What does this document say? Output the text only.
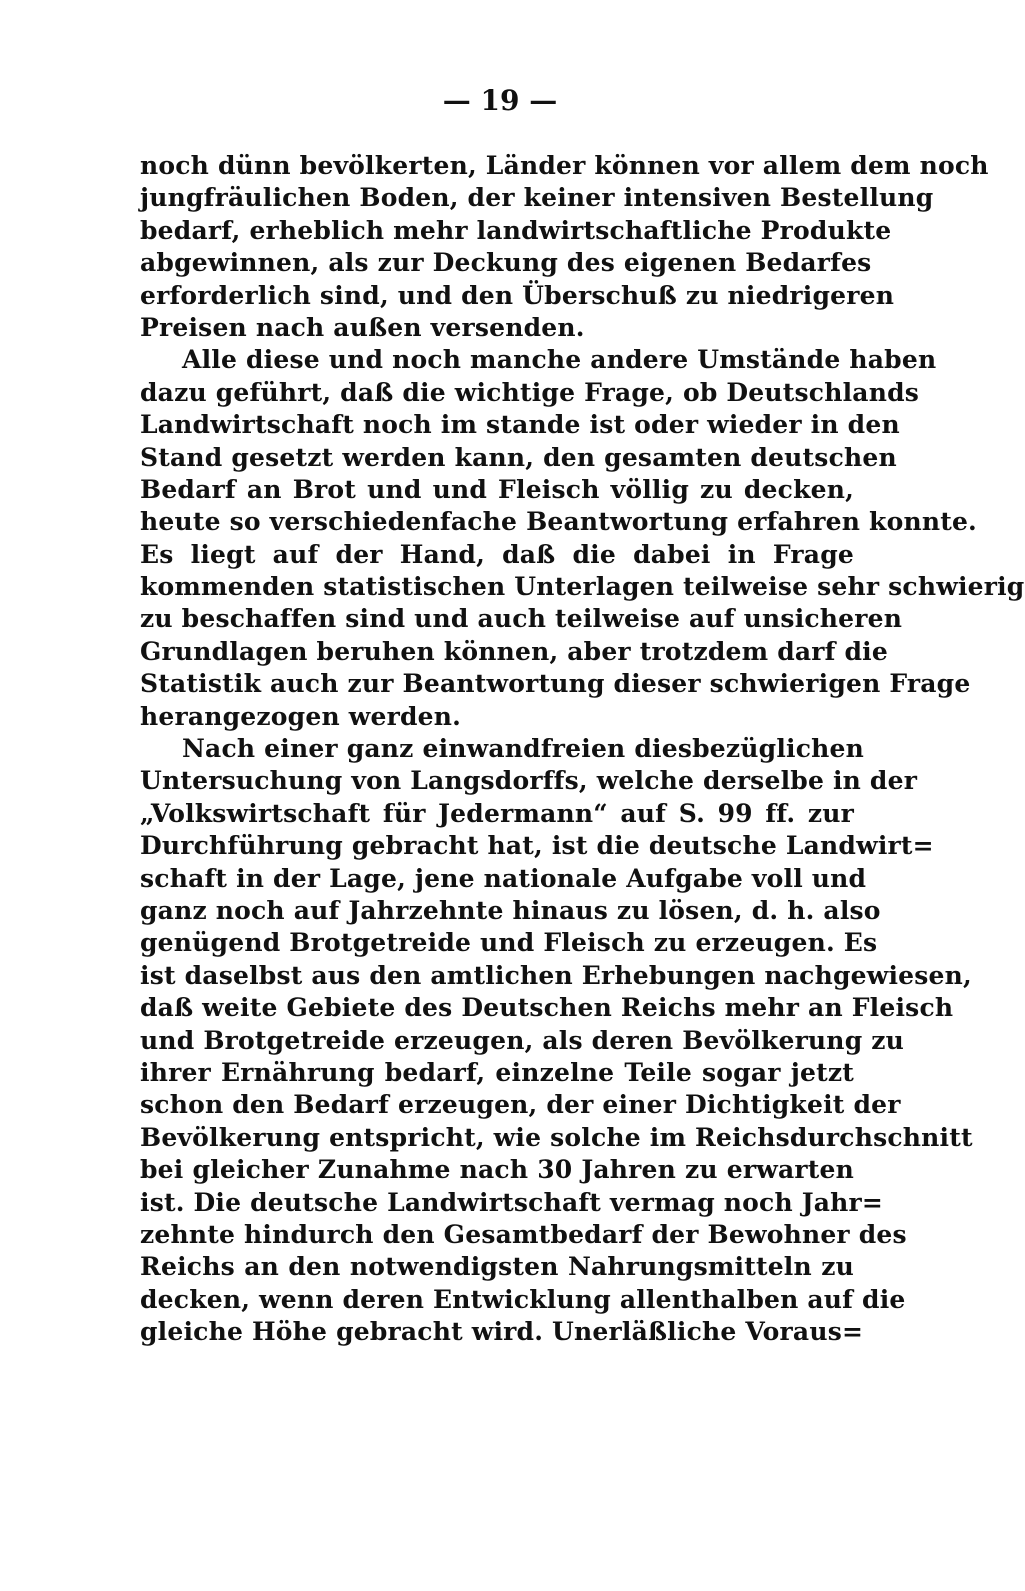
— 19 —
noch dünn bevölkerten, Länder können vor allem dem noch
jungfräulichen Boden, der keiner intensiven Bestellung
bedarf, erheblich mehr landwirtschaftliche Produkte
abgewinnen, als zur Deckung des eigenen Bedarfes
erforderlich sind, und den Überschuß zu niedrigeren
Preisen nach außen versenden.
Alle diese und noch manche andere Umstände haben
dazu geführt, daß die wichtige Frage, ob Deutschlands
Landwirtschaft noch im stande ist oder wieder in den
Stand gesetzt werden kann, den gesamten deutschen
Bedarf an Brot und und Fleisch völlig zu decken,
heute so verschiedenfache Beantwortung erfahren konnte.
Es liegt auf der Hand, daß die dabei in Frage
kommenden statistischen Unterlagen teilweise sehr schwierig
zu beschaffen sind und auch teilweise auf unsicheren
Grundlagen beruhen können, aber trotzdem darf die
Statistik auch zur Beantwortung dieser schwierigen Frage
herangezogen werden.
Nach einer ganz einwandfreien diesbezüglichen
Untersuchung von Langsdorffs, welche derselbe in der
„Volkswirtschaft für Jedermann“ auf S. 99 ff. zur
Durchführung gebracht hat, ist die deutsche Landwirt=
schaft in der Lage, jene nationale Aufgabe voll und
ganz noch auf Jahrzehnte hinaus zu lösen, d. h. also
genügend Brotgetreide und Fleisch zu erzeugen. Es
ist daselbst aus den amtlichen Erhebungen nachgewiesen,
daß weite Gebiete des Deutschen Reichs mehr an Fleisch
und Brotgetreide erzeugen, als deren Bevölkerung zu
ihrer Ernährung bedarf, einzelne Teile sogar jetzt
schon den Bedarf erzeugen, der einer Dichtigkeit der
Bevölkerung entspricht, wie solche im Reichsdurchschnitt
bei gleicher Zunahme nach 30 Jahren zu erwarten
ist. Die deutsche Landwirtschaft vermag noch Jahr=
zehnte hindurch den Gesamtbedarf der Bewohner des
Reichs an den notwendigsten Nahrungsmitteln zu
decken, wenn deren Entwicklung allenthalben auf die
gleiche Höhe gebracht wird. Unerläßliche Voraus=
